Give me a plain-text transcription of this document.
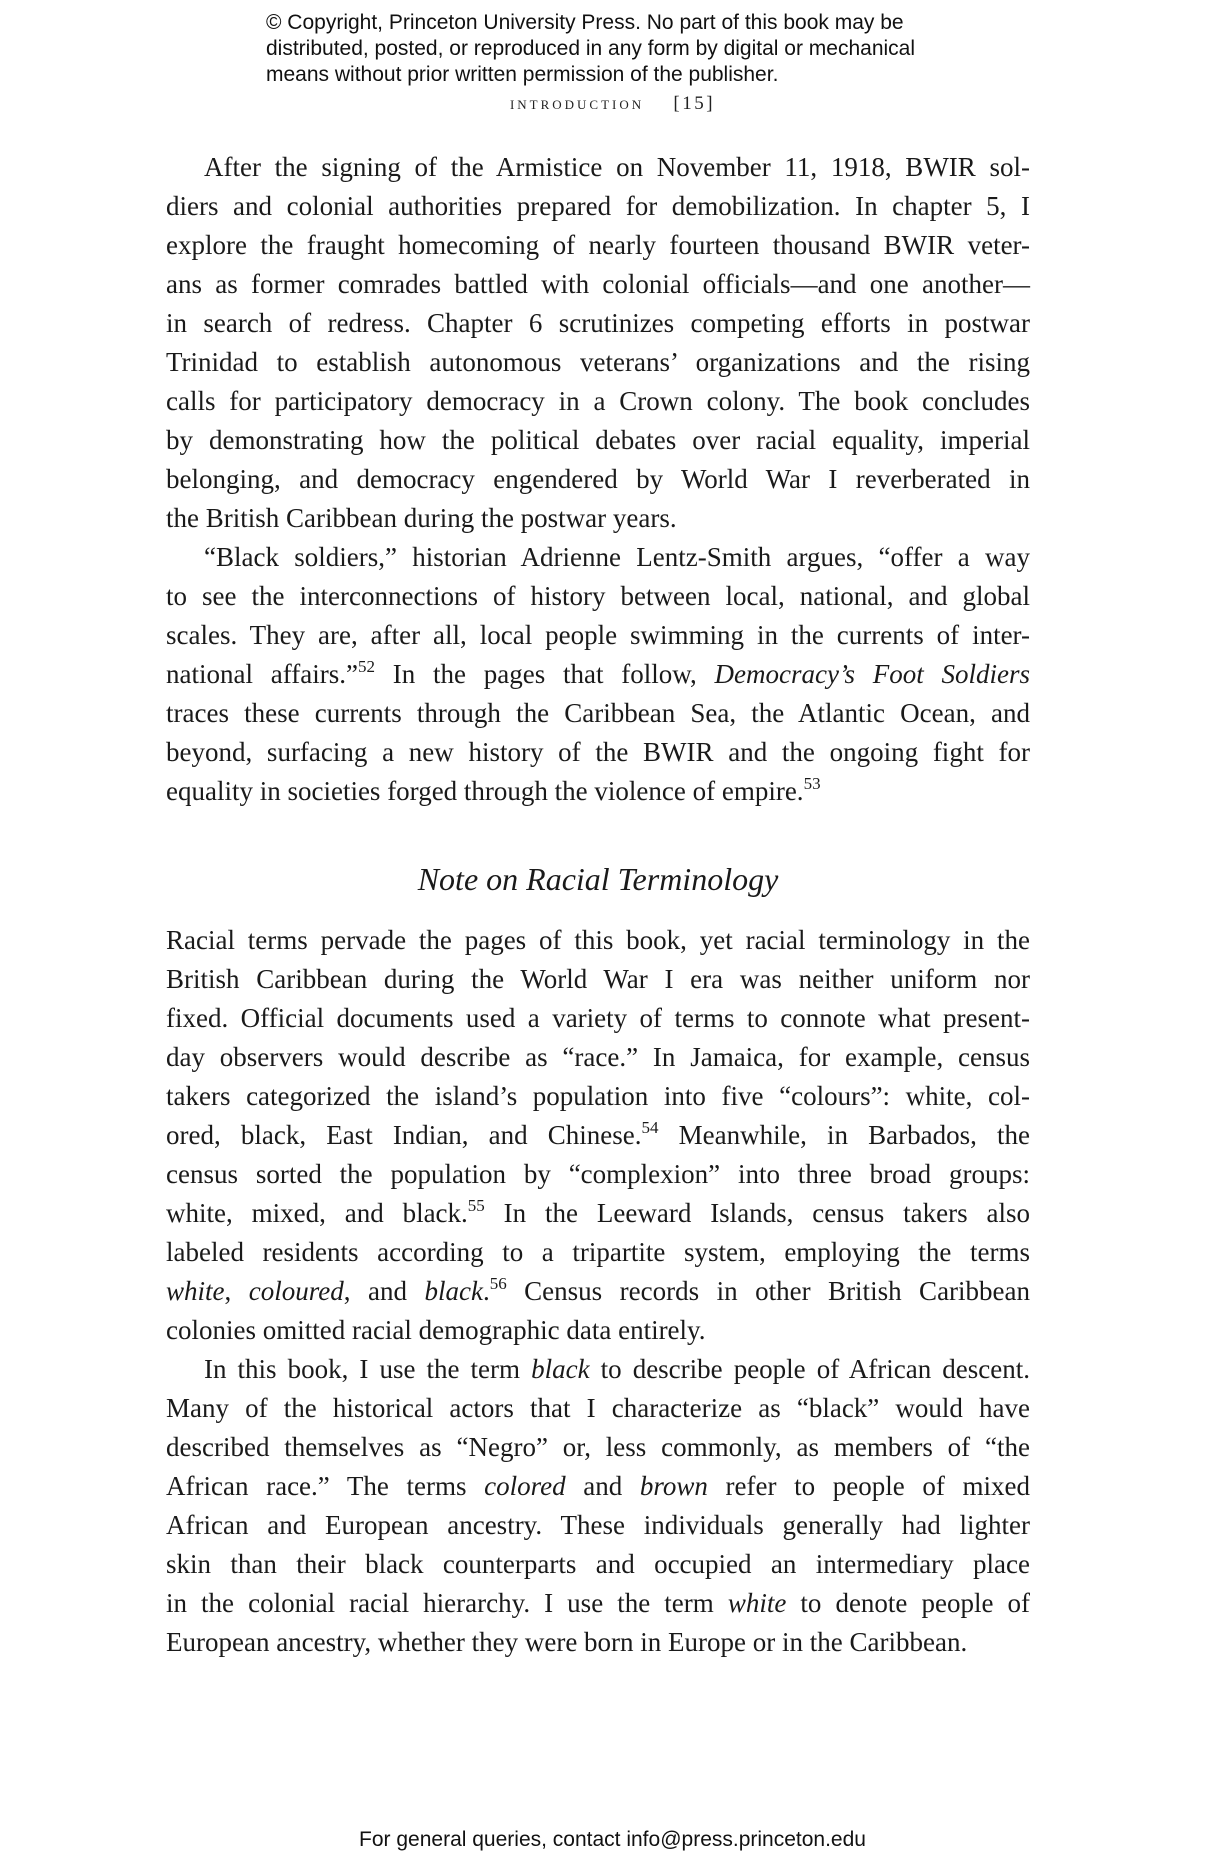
© Copyright, Princeton University Press. No part of this book may be
distributed, posted, or reproduced in any form by digital or mechanical
means without prior written permission of the publisher.
introduction [15]
After the signing of the Armistice on November 11, 1918, BWIR sol-
diers and colonial authorities prepared for demobilization. In chapter 5, I
explore the fraught homecoming of nearly fourteen thousand BWIR veter-
ans as former comrades battled with colonial officials—and one another—
in search of redress. Chapter 6 scrutinizes competing efforts in postwar
Trinidad to establish autonomous veterans’ organizations and the rising
calls for participatory democracy in a Crown colony. The book concludes
by demonstrating how the political debates over racial equality, imperial
belonging, and democracy engendered by World War I reverberated in
the British Caribbean during the postwar years.
“Black soldiers,” historian Adrienne Lentz-Smith argues, “offer a way
to see the interconnections of history between local, national, and global
scales. They are, after all, local people swimming in the currents of inter-
national affairs.”$^{52}$ In the pages that follow, Democracy’s Foot Soldiers
traces these currents through the Caribbean Sea, the Atlantic Ocean, and
beyond, surfacing a new history of the BWIR and the ongoing fight for
equality in societies forged through the violence of empire.$^{53}$
Note on Racial Terminology
Racial terms pervade the pages of this book, yet racial terminology in the
British Caribbean during the World War I era was neither uniform nor
fixed. Official documents used a variety of terms to connote what present-
day observers would describe as “race.” In Jamaica, for example, census
takers categorized the island’s population into five “colours”: white, col-
ored, black, East Indian, and Chinese.$^{54}$ Meanwhile, in Barbados, the
census sorted the population by “complexion” into three broad groups:
white, mixed, and black.$^{55}$ In the Leeward Islands, census takers also
labeled residents according to a tripartite system, employing the terms
white, coloured, and black.$^{56}$ Census records in other British Caribbean
colonies omitted racial demographic data entirely.
In this book, I use the term black to describe people of African descent.
Many of the historical actors that I characterize as “black” would have
described themselves as “Negro” or, less commonly, as members of “the
African race.” The terms colored and brown refer to people of mixed
African and European ancestry. These individuals generally had lighter
skin than their black counterparts and occupied an intermediary place
in the colonial racial hierarchy. I use the term white to denote people of
European ancestry, whether they were born in Europe or in the Caribbean.
For general queries, contact info@press.princeton.edu
